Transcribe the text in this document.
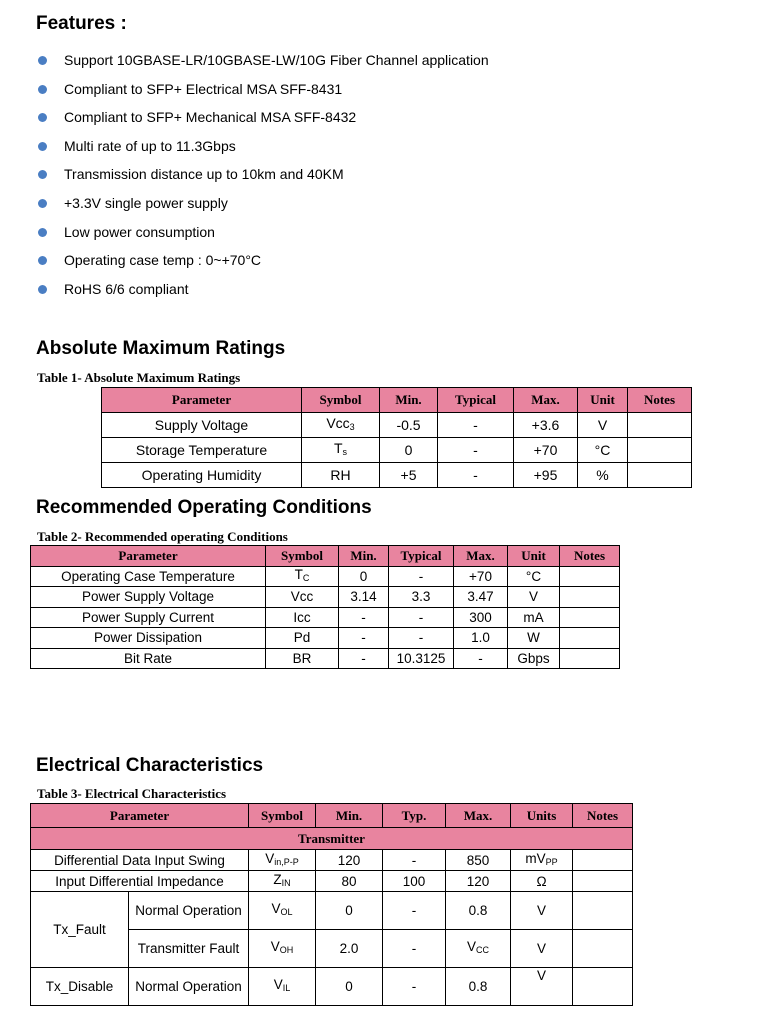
Features :
Support 10GBASE-LR/10GBASE-LW/10G Fiber Channel application
Compliant to SFP+ Electrical MSA SFF-8431
Compliant to SFP+ Mechanical MSA SFF-8432
Multi rate of up to 11.3Gbps
Transmission distance up to 10km and 40KM
+3.3V single power supply
Low power consumption
Operating case temp : 0~+70°C
RoHS 6/6 compliant
Absolute Maximum Ratings
Table 1- Absolute Maximum Ratings
Parameter	Symbol	Min.	Typical	Max.	Unit	Notes
Supply Voltage	Vcc$_3$	-0.5	-	+3.6	V	
Storage Temperature	$T_s$	0	-	+70	°C	
Operating Humidity	RH	+5	-	+95	%	
Recommended Operating Conditions
Table 2- Recommended operating Conditions
Parameter	Symbol	Min.	Typical	Max.	Unit	Notes
Operating Case Temperature	$T_C$	0	-	+70	°C	
Power Supply Voltage	Vcc	3.14	3.3	3.47	V	
Power Supply Current	Icc	-	-	300	mA	
Power Dissipation	Pd	-	-	1.0	W	
Bit Rate	BR	-	10.3125	-	Gbps	
Electrical Characteristics
Table 3- Electrical Characteristics
Parameter		Symbol	Min.	Typ.	Max.	Units	Notes
Transmitter							
Differential Data Input Swing		$V_{in,P-P}$	120	-	850	$mV_{PP}$	
Input Differential Impedance		$Z_{IN}$	80	100	120	Ω	
Tx_Fault	Normal Operation	$V_{OL}$	0	-	0.8	V	
	Transmitter Fault	$V_{OH}$	2.0	-	$V_{CC}$	V	
Tx_Disable	Normal Operation	$V_{IL}$	0	-	0.8	V	
